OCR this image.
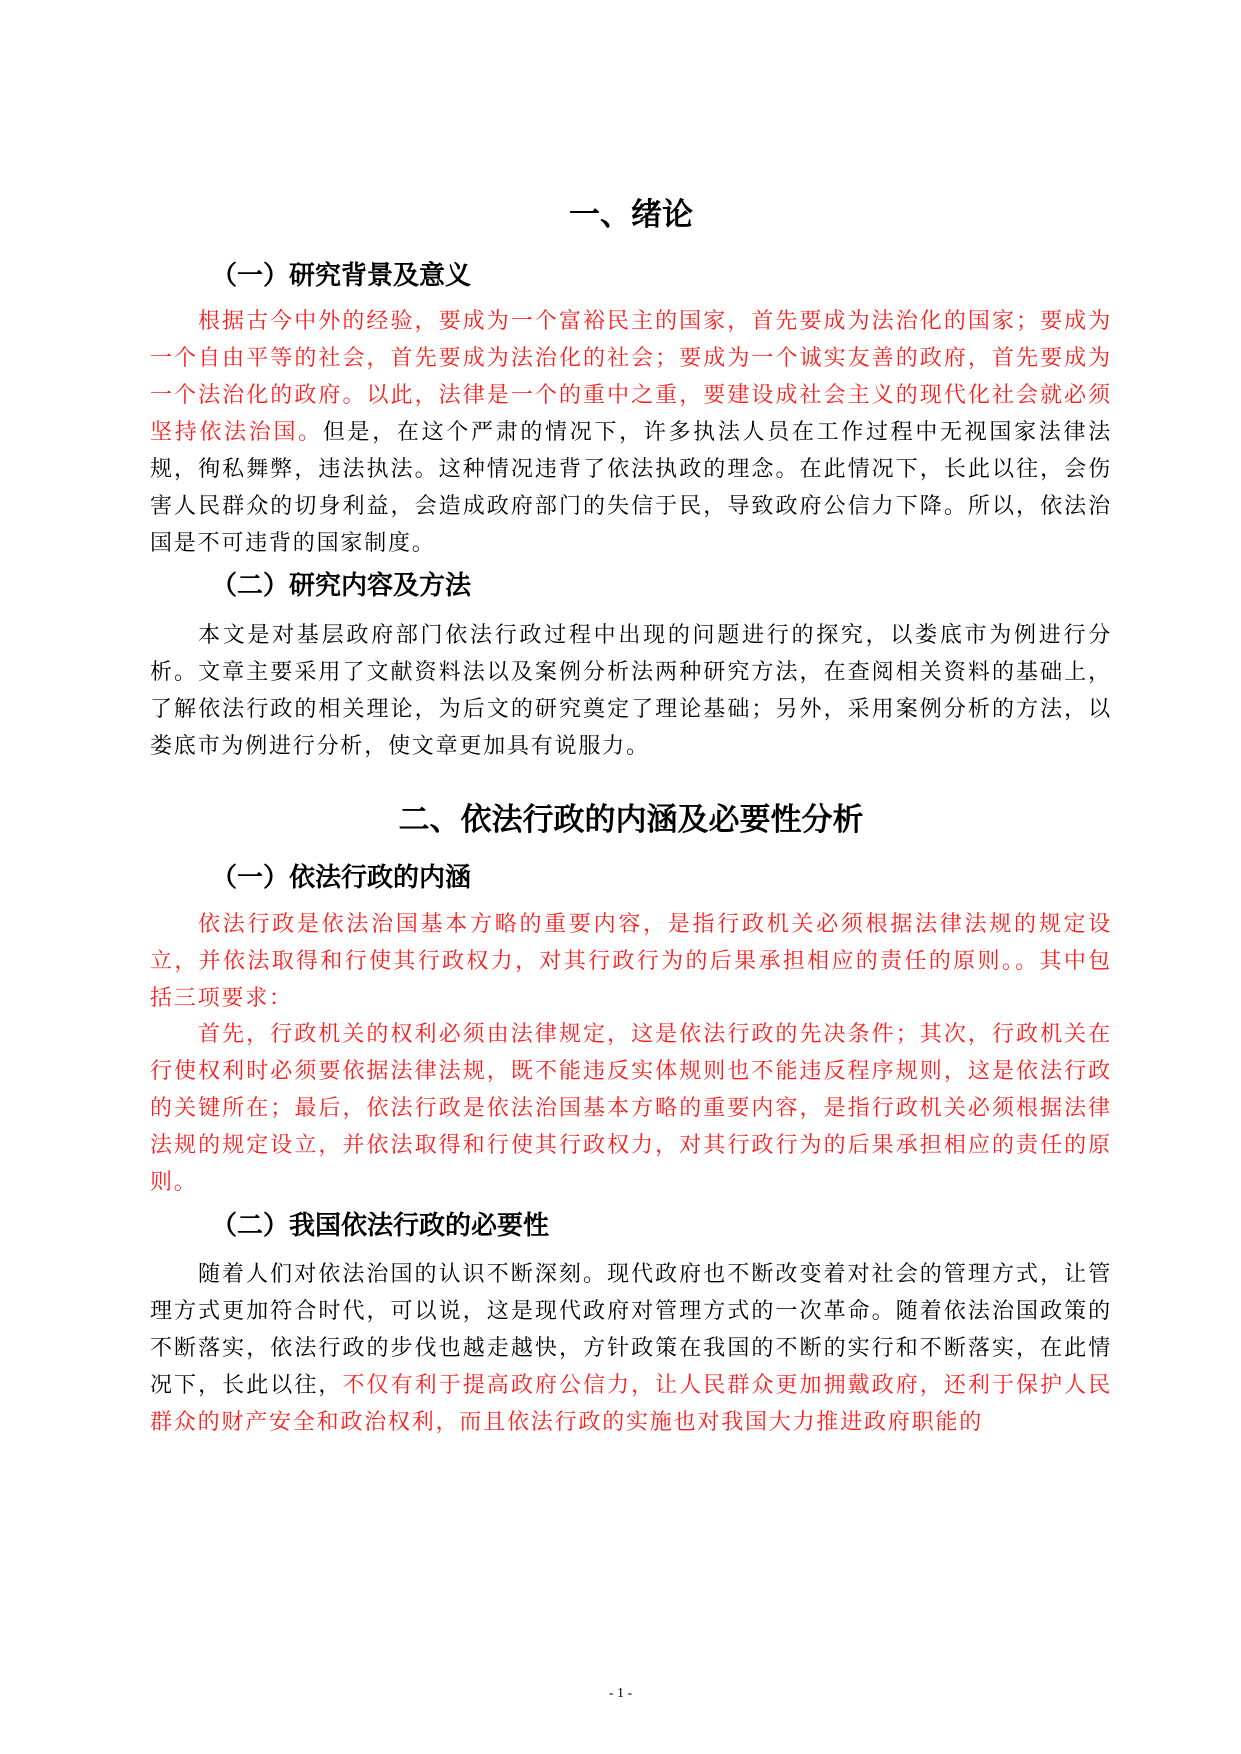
一、绪论
（一）研究背景及意义

根据古今中外的经验，要成为一个富裕民主的国家，首先要成为法治化的国家；要成为一个自由平等的社会，首先要成为法治化的社会；要成为一个诚实友善的政府，首先要成为一个法治化的政府。以此，法律是一个的重中之重，要建设成社会主义的现代化社会就必须坚持依法治国。但是，在这个严肃的情况下，许多执法人员在工作过程中无视国家法律法规，徇私舞弊，违法执法。这种情况违背了依法执政的理念。在此情况下，长此以往，会伤害人民群众的切身利益，会造成政府部门的失信于民，导致政府公信力下降。所以，依法治国是不可违背的国家制度。

（二）研究内容及方法

本文是对基层政府部门依法行政过程中出现的问题进行的探究，以娄底市为例进行分析。文章主要采用了文献资料法以及案例分析法两种研究方法，在查阅相关资料的基础上，了解依法行政的相关理论，为后文的研究奠定了理论基础；另外，采用案例分析的方法，以娄底市为例进行分析，使文章更加具有说服力。

二、依法行政的内涵及必要性分析
（一）依法行政的内涵

依法行政是依法治国基本方略的重要内容，是指行政机关必须根据法律法规的规定设立，并依法取得和行使其行政权力，对其行政行为的后果承担相应的责任的原则。。其中包括三项要求：

首先，行政机关的权利必须由法律规定，这是依法行政的先决条件；其次，行政机关在行使权利时必须要依据法律法规，既不能违反实体规则也不能违反程序规则，这是依法行政的关键所在；最后，依法行政是依法治国基本方略的重要内容，是指行政机关必须根据法律法规的规定设立，并依法取得和行使其行政权力，对其行政行为的后果承担相应的责任的原则。

（二）我国依法行政的必要性

随着人们对依法治国的认识不断深刻。现代政府也不断改变着对社会的管理方式，让管理方式更加符合时代，可以说，这是现代政府对管理方式的一次革命。随着依法治国政策的不断落实，依法行政的步伐也越走越快，方针政策在我国的不断的实行和不断落实，在此情况下，长此以往，不仅有利于提高政府公信力，让人民群众更加拥戴政府，还利于保护人民群众的财产安全和政治权利，而且依法行政的实施也对我国大力推进政府职能的

- 1 -
